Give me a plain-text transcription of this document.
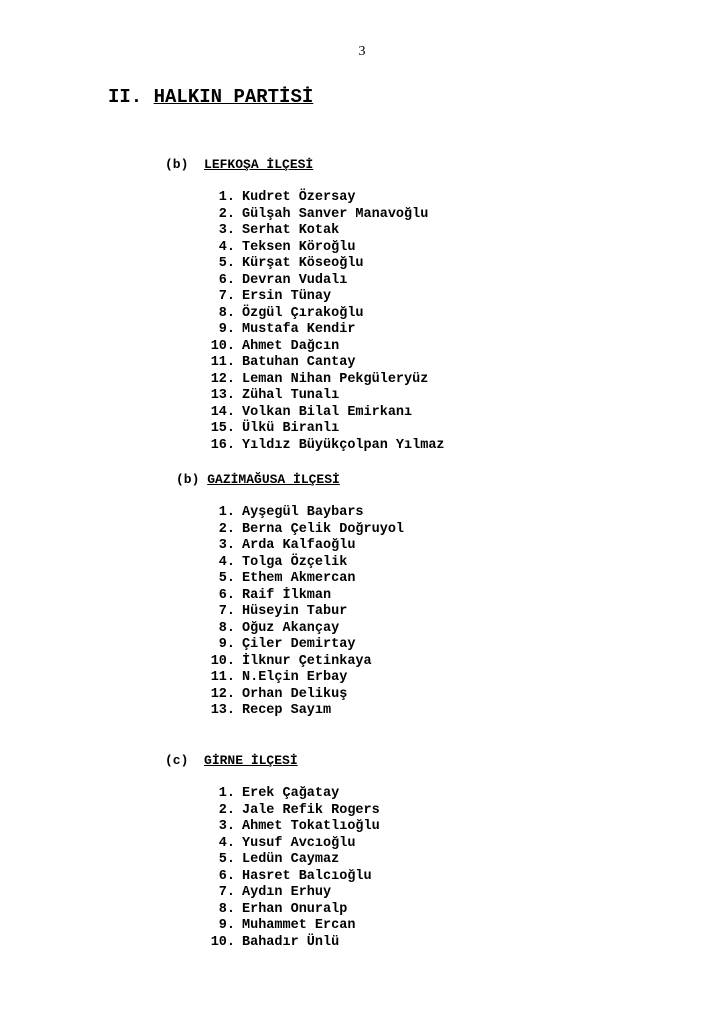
3
II. HALKIN PARTİSİ
(b) LEFKOŞA İLÇESİ
1. Kudret Özersay
2. Gülşah Sanver Manavoğlu
3. Serhat Kotak
4. Teksen Köroğlu
5. Kürşat Köseoğlu
6. Devran Vudalı
7. Ersin Tünay
8. Özgül Çırakoğlu
9. Mustafa Kendir
10. Ahmet Dağcın
11. Batuhan Cantay
12. Leman Nihan Pekgüleryüz
13. Zühal Tunalı
14. Volkan Bilal Emirkanı
15. Ülkü Biranlı
16. Yıldız Büyükçolpan Yılmaz
(b) GAZİMAĞUSA İLÇESİ
1. Ayşegül Baybars
2. Berna Çelik Doğruyol
3. Arda Kalfaoğlu
4. Tolga Özçelik
5. Ethem Akmercan
6. Raif İlkman
7. Hüseyin Tabur
8. Oğuz Akançay
9. Çiler Demirtay
10. İlknur Çetinkaya
11. N.Elçin Erbay
12. Orhan Delikuş
13. Recep Sayım
(c) GİRNE İLÇESİ
1. Erek Çağatay
2. Jale Refik Rogers
3. Ahmet Tokatlıoğlu
4. Yusuf Avcıoğlu
5. Ledün Caymaz
6. Hasret Balcıoğlu
7. Aydın Erhuy
8. Erhan Onuralp
9. Muhammet Ercan
10. Bahadır Ünlü
